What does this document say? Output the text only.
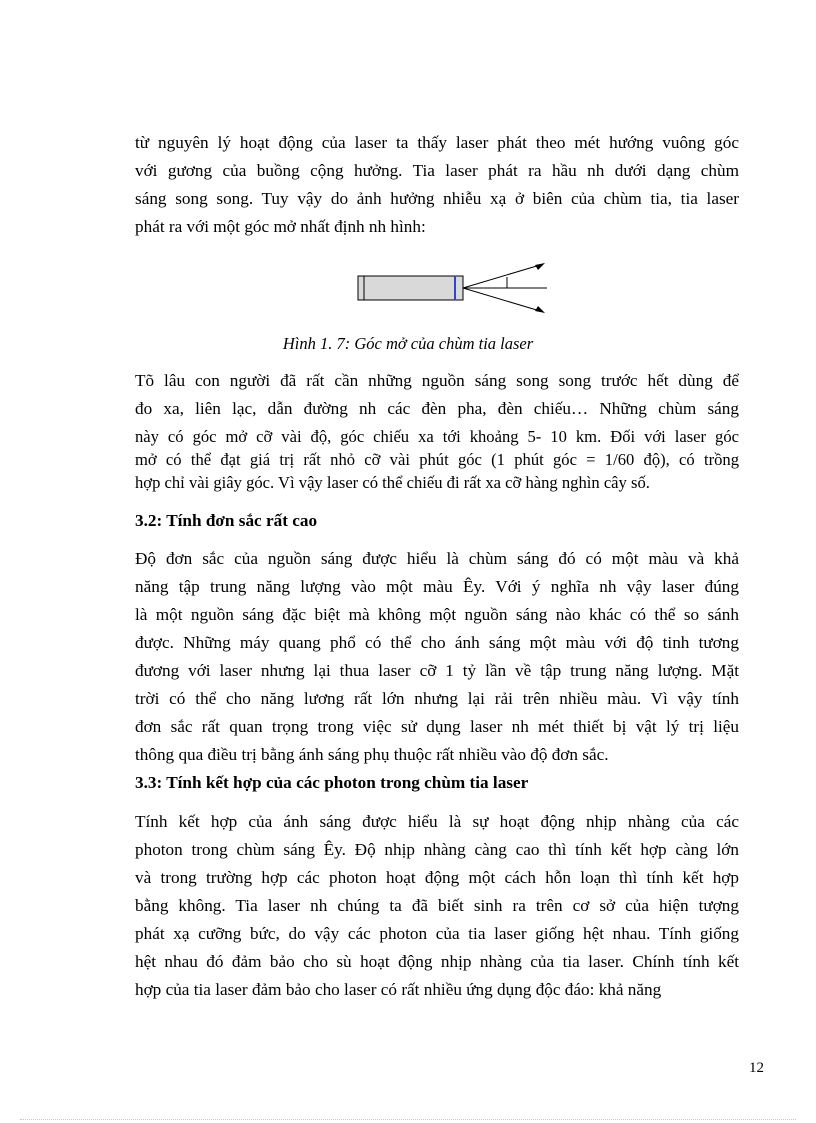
từ nguyên lý hoạt động của laser ta thấy laser phát theo mét hướng vuông góc
với gương của buồng cộng hưởng. Tia laser phát ra hầu nh dưới dạng chùm
sáng song song. Tuy vậy do ảnh hưởng nhiễu xạ ở biên của chùm tia, tia laser
phát ra với một góc mở nhất định nh hình:

Hình 1. 7: Góc mở của chùm tia laser

Tõ lâu con người đã rất cần những nguồn sáng song song trước hết dùng để
đo xa, liên lạc, dẫn đường nh các đèn pha, đèn chiếu… Những chùm sáng

này có góc mở cỡ vài độ, góc chiếu xa tới khoảng 5- 10 km. Đối với laser góc
mở có thể đạt giá trị rất nhỏ cỡ vài phút góc (1 phút góc = 1/60 độ), có trồng
hợp chỉ vài giây góc. Vì vậy laser có thể chiếu đi rất xa cỡ hàng nghìn cây số.

3.2: Tính đơn sắc rất cao

Độ đơn sắc của nguồn sáng được hiểu là chùm sáng đó có một màu và khả
năng tập trung năng lượng vào một màu Êy. Với ý nghĩa nh vậy laser đúng
là một nguồn sáng đặc biệt mà không một nguồn sáng nào khác có thể so sánh
được. Những máy quang phổ có thể cho ánh sáng một màu với độ tinh tương
đương với laser nhưng lại thua laser cỡ 1 tỷ lần về tập trung năng lượng. Mặt
trời có thể cho năng lương rất lớn nhưng lại rải trên nhiều màu. Vì vậy tính
đơn sắc rất quan trọng trong việc sử dụng laser nh mét thiết bị vật lý trị liệu
thông qua điều trị bằng ánh sáng phụ thuộc rất nhiều vào độ đơn sắc.

3.3: Tính kết hợp của các photon trong chùm tia laser

Tính kết hợp của ánh sáng được hiểu là sự hoạt động nhịp nhàng của các
photon trong chùm sáng Êy. Độ nhịp nhàng càng cao thì tính kết hợp càng lớn
và trong trường hợp các photon hoạt động một cách hỗn loạn thì tính kết hợp
bằng không. Tia laser nh chúng ta đã biết sinh ra trên cơ sở của hiện tượng
phát xạ cưỡng bức, do vậy các photon của tia laser giống hệt nhau. Tính giống
hệt nhau đó đảm bảo cho sù hoạt động nhịp nhàng của tia laser. Chính tính kết
hợp của tia laser đảm bảo cho laser có rất nhiều ứng dụng độc đáo: khả năng

12
